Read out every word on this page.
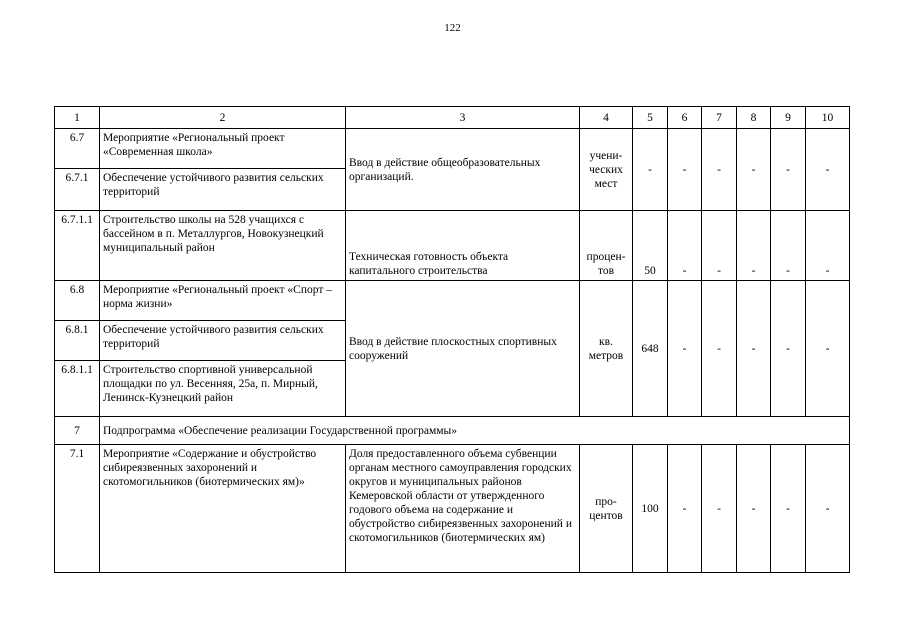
122
1	2	3	4	5	6	7	8	9	10
6.7	Мероприятие «Региональный проект «Современная школа»	Ввод в действие общеобразовательных организаций.	учени-ческих мест	-	-	-	-	-	-
6.7.1	Обеспечение устойчивого развития сельских территорий								
6.7.1.1	Строительство школы на 528 учащихся с бассейном в п. Металлургов, Новокузнецкий муниципальный район	Техническая готовность объекта капитального строительства	процен-тов	50	-	-	-	-	-
6.8	Мероприятие «Региональный проект «Спорт – норма жизни»	Ввод в действие плоскостных спортивных сооружений	кв. метров	648	-	-	-	-	-
6.8.1	Обеспечение устойчивого развития сельских территорий								
6.8.1.1	Строительство спортивной универсальной площадки по ул. Весенняя, 25а, п. Мирный, Ленинск-Кузнецкий район								
7	Подпрограмма «Обеспечение реализации Государственной программы»								
7.1	Мероприятие «Содержание и обустройство сибиреязвенных захоронений и скотомогильников (биотермических ям)»	Доля предоставленного объема субвенции органам местного самоуправления городских округов и муниципальных районов Кемеровской области от утвержденного годового объема на содержание и обустройство сибиреязвенных захоронений и скотомогильников (биотермических ям)	про-центов	100	-	-	-	-	-
